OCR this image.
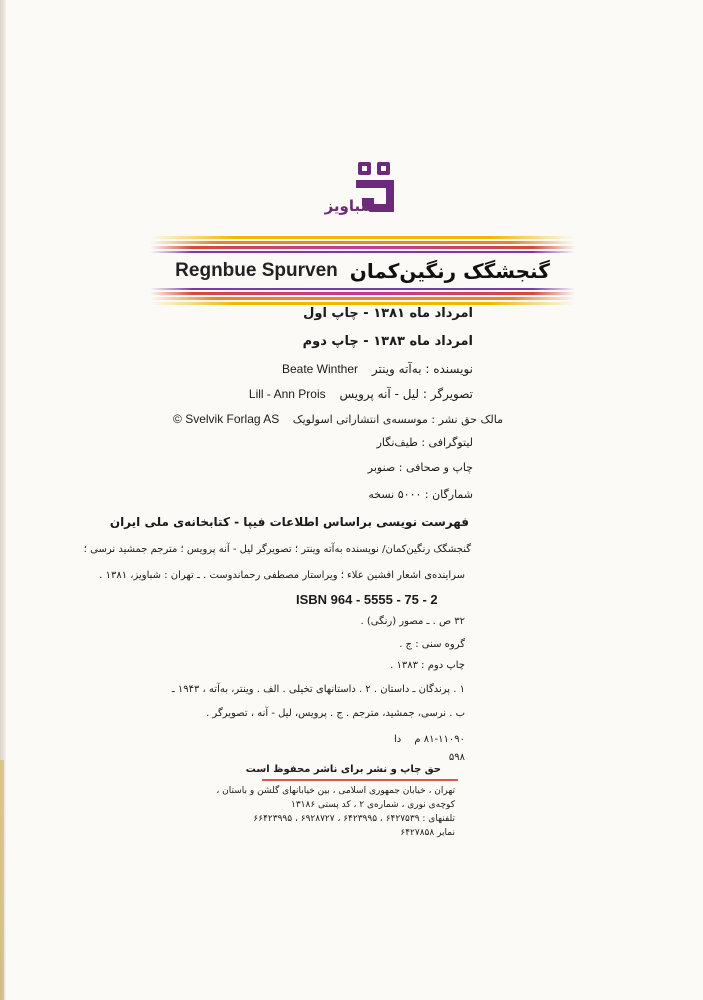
شباویز
Regnbue Spurven گنجشگک رنگین‌کمان
امرداد ماه ۱۳۸۱ - چاپ اول
امرداد ماه ۱۳۸۳ - چاپ دوم
نویسنده : به‌آته وینتر Beate Winther
تصویرگر : لیل - آنه پرویس Lill - Ann Prois
مالک حق نشر : موسسه‌ی انتشاراتی اسولویک © Svelvik Forlag AS
لیتوگرافی : طیف‌نگار
چاپ و صحافی : صنوبر
شمارگان : ۵۰۰۰ نسخه
فهرست نویسی براساس اطلاعات فیپا - کتابخانه‌ی ملی ایران
گنجشگک رنگین‌کمان/ نویسنده به‌آته وینتر ؛ تصویرگر لیل - آنه پرویس ؛ مترجم جمشید نرسی ؛
سراینده‌ی اشعار افشین علاء ؛ ویراستار مصطفی رحماندوست . ـ تهران : شباویز، ۱۳۸۱ .
ISBN 964 - 5555 - 75 - 2
۳۲ ص . ـ مصور (رنگی) .
گروه سنی : ج .
چاپ دوم : ۱۳۸۳ .
۱ . پرندگان ـ داستان . ۲ . داستانهای تخیلی . الف . وینتر، به‌آته ، ۱۹۴۳ ـ
ب . نرسی، جمشید، مترجم . ج . پرویس، لیل - آنه ، تصویرگر .
۸۱-۱۱۰۹۰ م دا
۵۹۸
حق چاپ و نشر برای ناشر محفوظ است
تهران ، خیابان جمهوری اسلامی ، بین خیابانهای گلشن و باستان ،
کوچه‌ی نوری ، شماره‌ی ۲ ، کد پستی ۱۳۱۸۶
تلفنهای : ۶۴۲۷۵۳۹ ، ۶۴۲۳۹۹۵ ، ۶۹۲۸۷۲۷ ، ۶۶۴۲۳۹۹۵
نمابر ۶۴۲۷۸۵۸
